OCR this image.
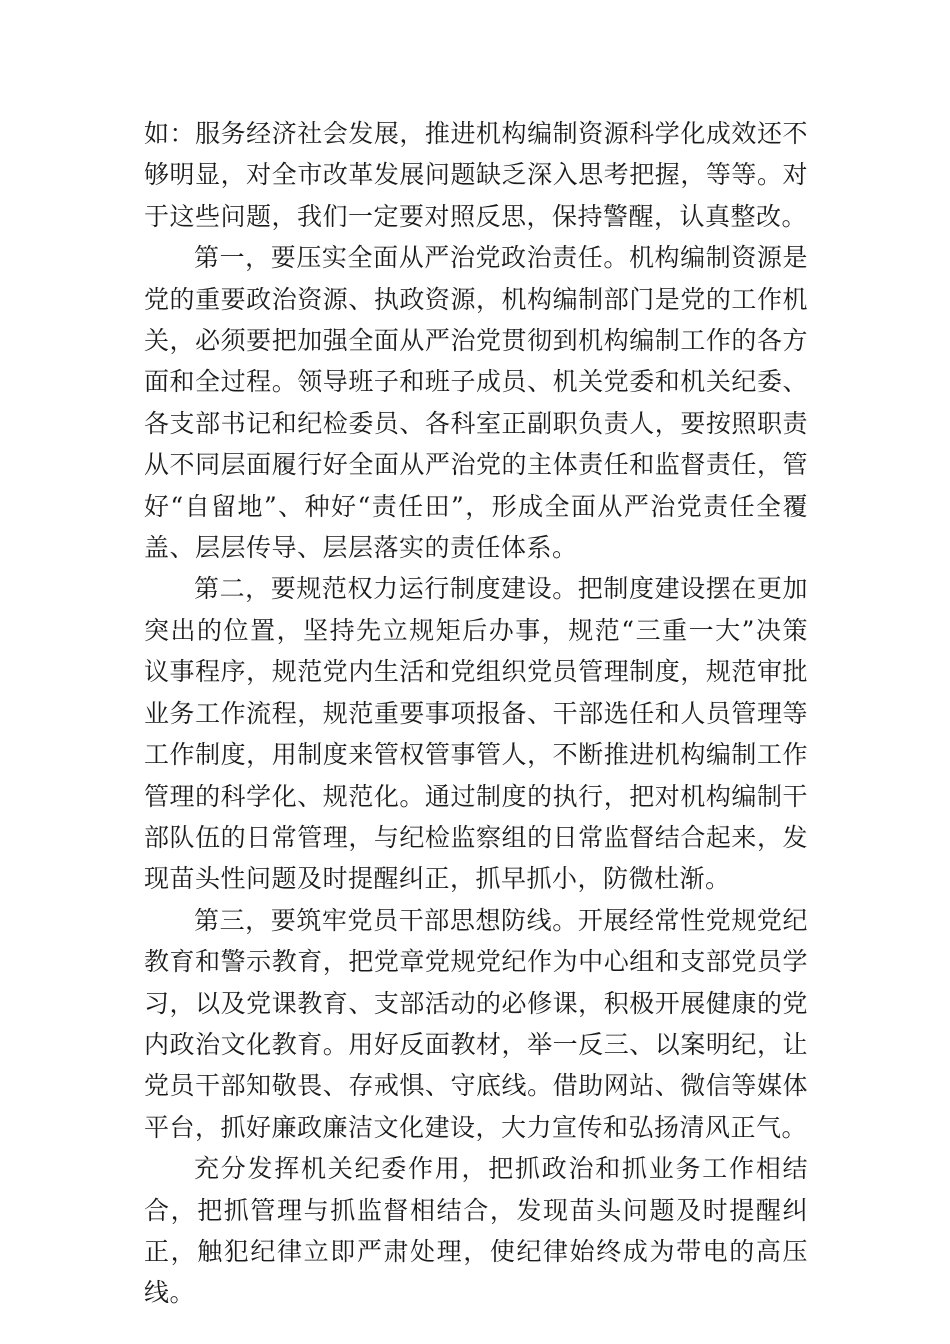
如：服务经济社会发展，推进机构编制资源科学化成效还不够明显，对全市改革发展问题缺乏深入思考把握，等等。对于这些问题，我们一定要对照反思，保持警醒，认真整改。

第一，要压实全面从严治党政治责任。机构编制资源是党的重要政治资源、执政资源，机构编制部门是党的工作机关，必须要把加强全面从严治党贯彻到机构编制工作的各方面和全过程。领导班子和班子成员、机关党委和机关纪委、各支部书记和纪检委员、各科室正副职负责人，要按照职责从不同层面履行好全面从严治党的主体责任和监督责任，管好“自留地”、种好“责任田”，形成全面从严治党责任全覆盖、层层传导、层层落实的责任体系。

第二，要规范权力运行制度建设。把制度建设摆在更加突出的位置，坚持先立规矩后办事，规范“三重一大”决策议事程序，规范党内生活和党组织党员管理制度，规范审批业务工作流程，规范重要事项报备、干部选任和人员管理等工作制度，用制度来管权管事管人，不断推进机构编制工作管理的科学化、规范化。通过制度的执行，把对机构编制干部队伍的日常管理，与纪检监察组的日常监督结合起来，发现苗头性问题及时提醒纠正，抓早抓小，防微杜渐。

第三，要筑牢党员干部思想防线。开展经常性党规党纪教育和警示教育，把党章党规党纪作为中心组和支部党员学习，以及党课教育、支部活动的必修课，积极开展健康的党内政治文化教育。用好反面教材，举一反三、以案明纪，让党员干部知敬畏、存戒惧、守底线。借助网站、微信等媒体平台，抓好廉政廉洁文化建设，大力宣传和弘扬清风正气。

充分发挥机关纪委作用，把抓政治和抓业务工作相结合，把抓管理与抓监督相结合，发现苗头问题及时提醒纠正，触犯纪律立即严肃处理，使纪律始终成为带电的高压线。
